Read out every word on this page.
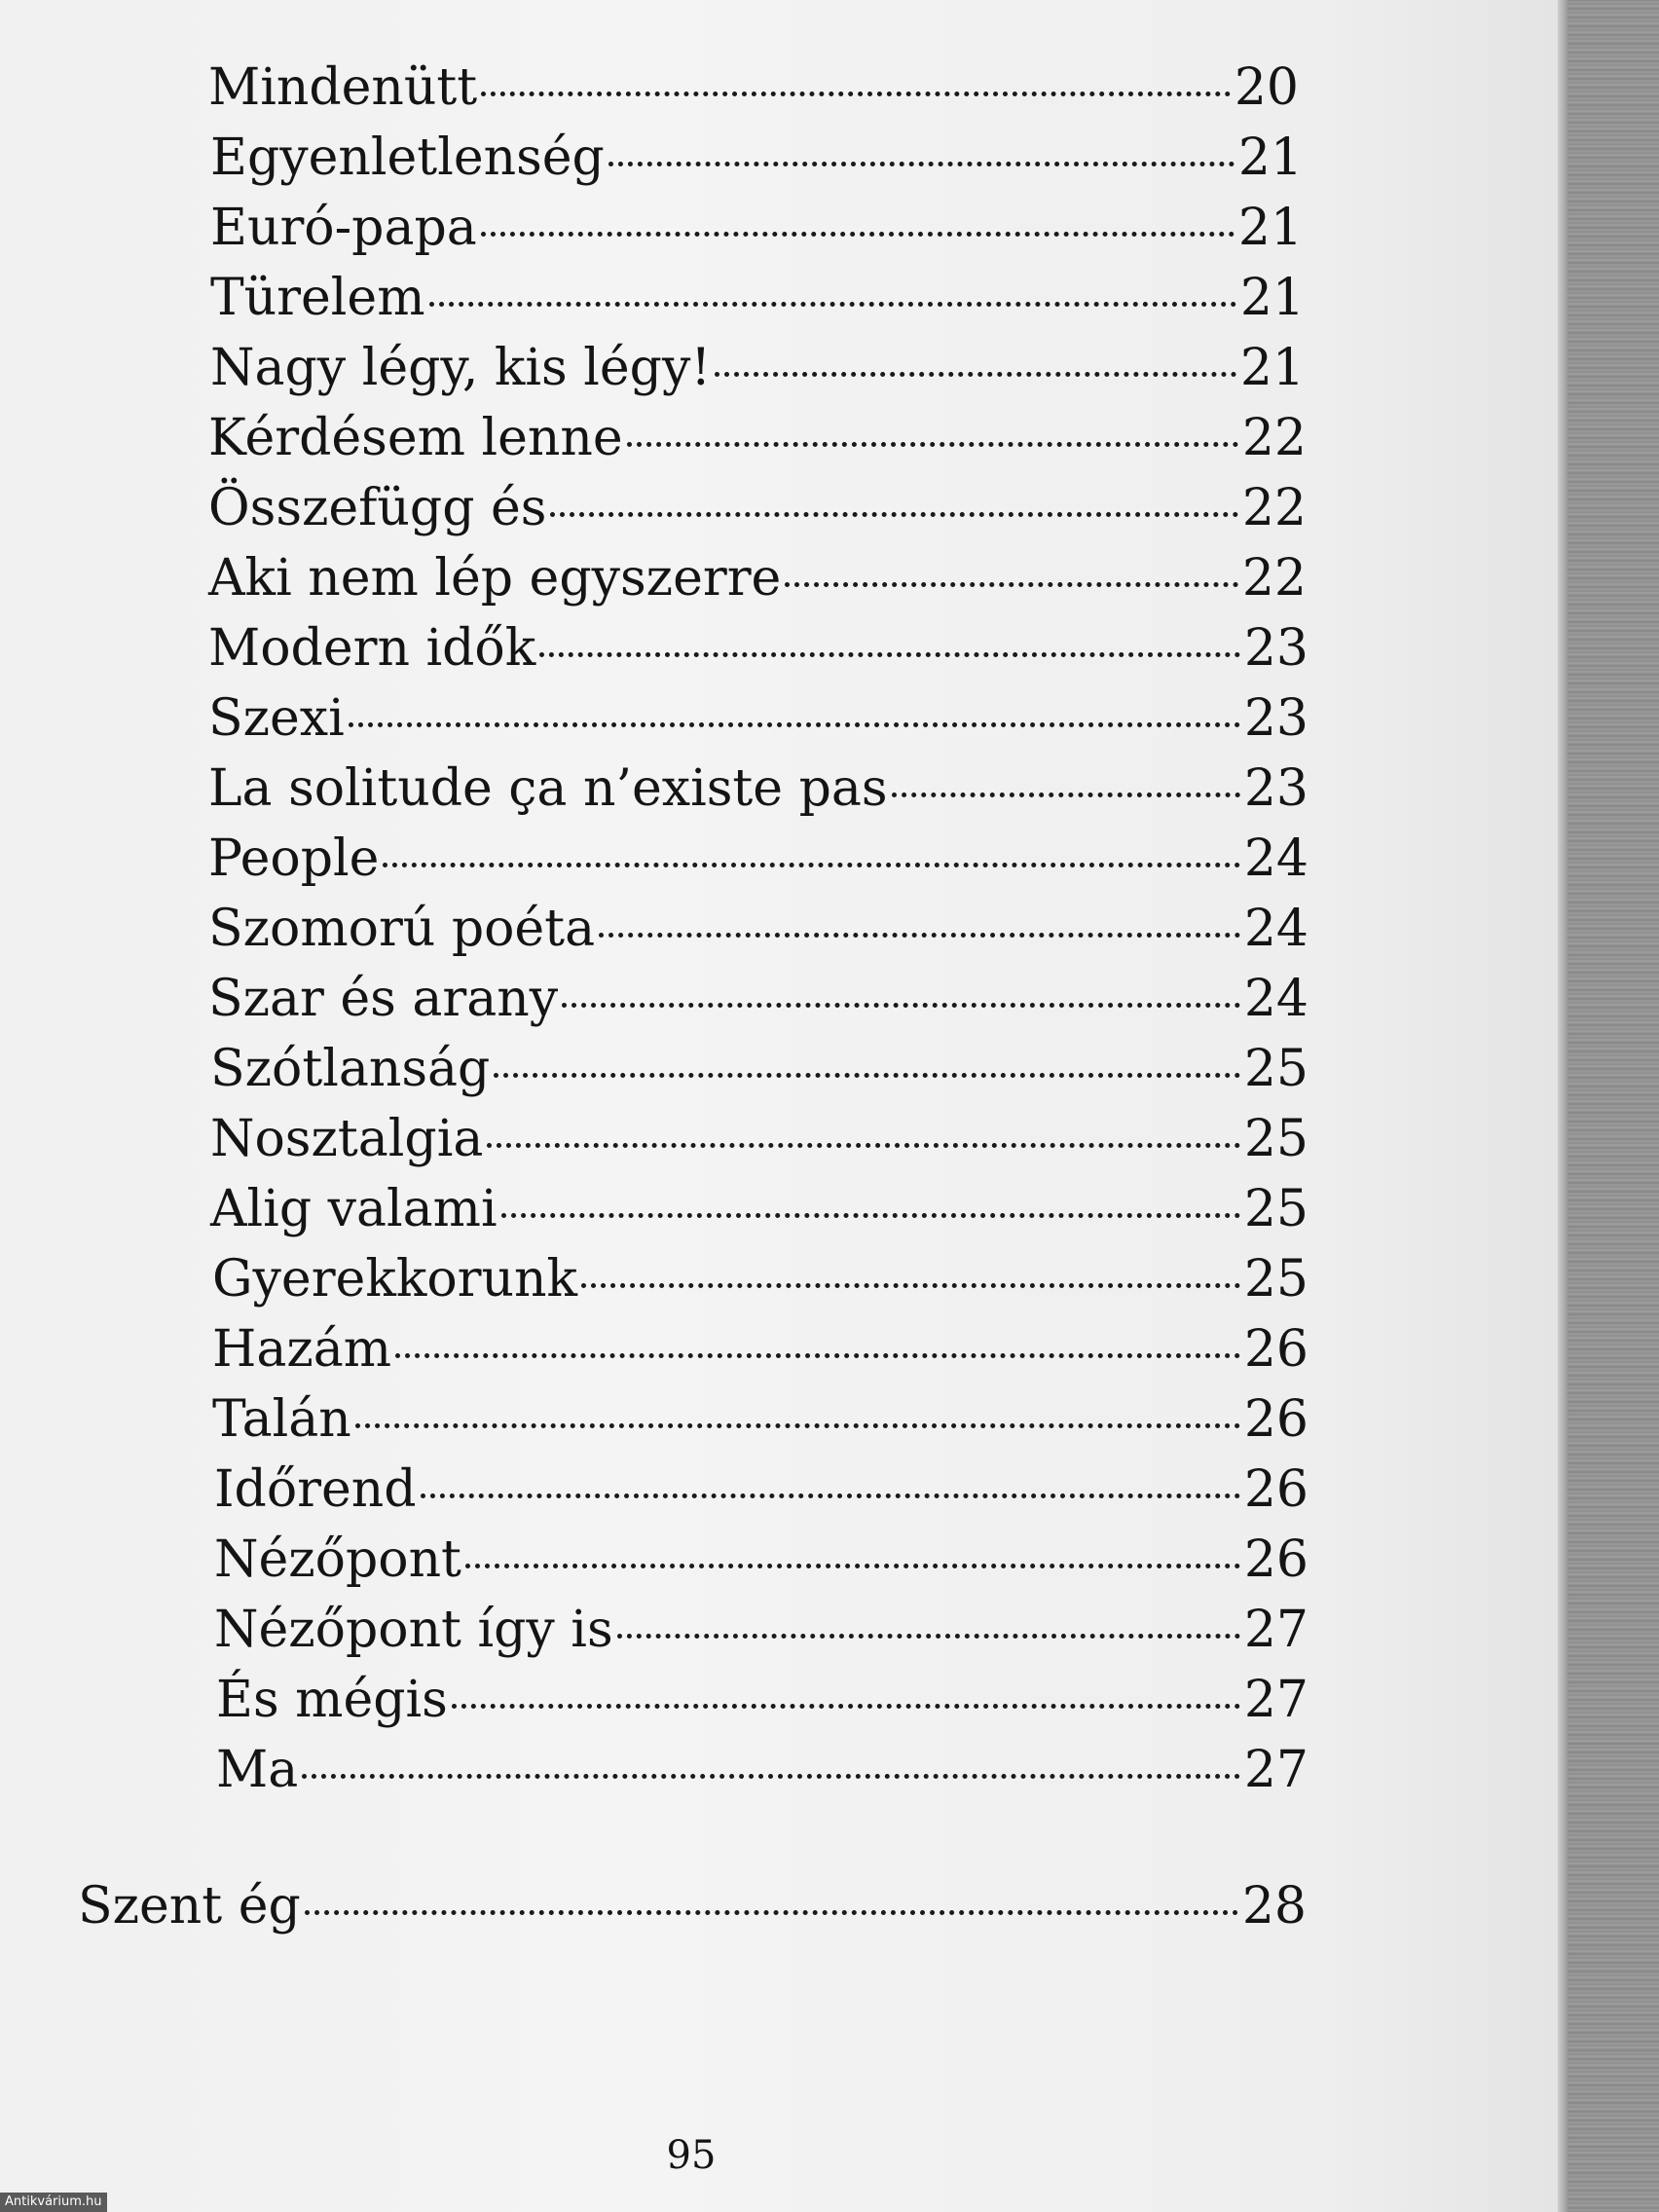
Mindenütt	20
Egyenletlenség	21
Euró-papa	21
Türelem	21
Nagy légy, kis légy!	21
Kérdésem lenne	22
Összefügg és	22
Aki nem lép egyszerre	22
Modern idők	23
Szexi	23
La solitude ça n’existe pas	23
People	24
Szomorú poéta	24
Szar és arany	24
Szótlanság	25
Nosztalgia	25
Alig valami	25
Gyerekkorunk	25
Hazám	26
Talán	26
Időrend	26
Nézőpont	26
Nézőpont így is	27
És mégis	27
Ma	27
Szent ég	28
95
Antikvárium.hu
